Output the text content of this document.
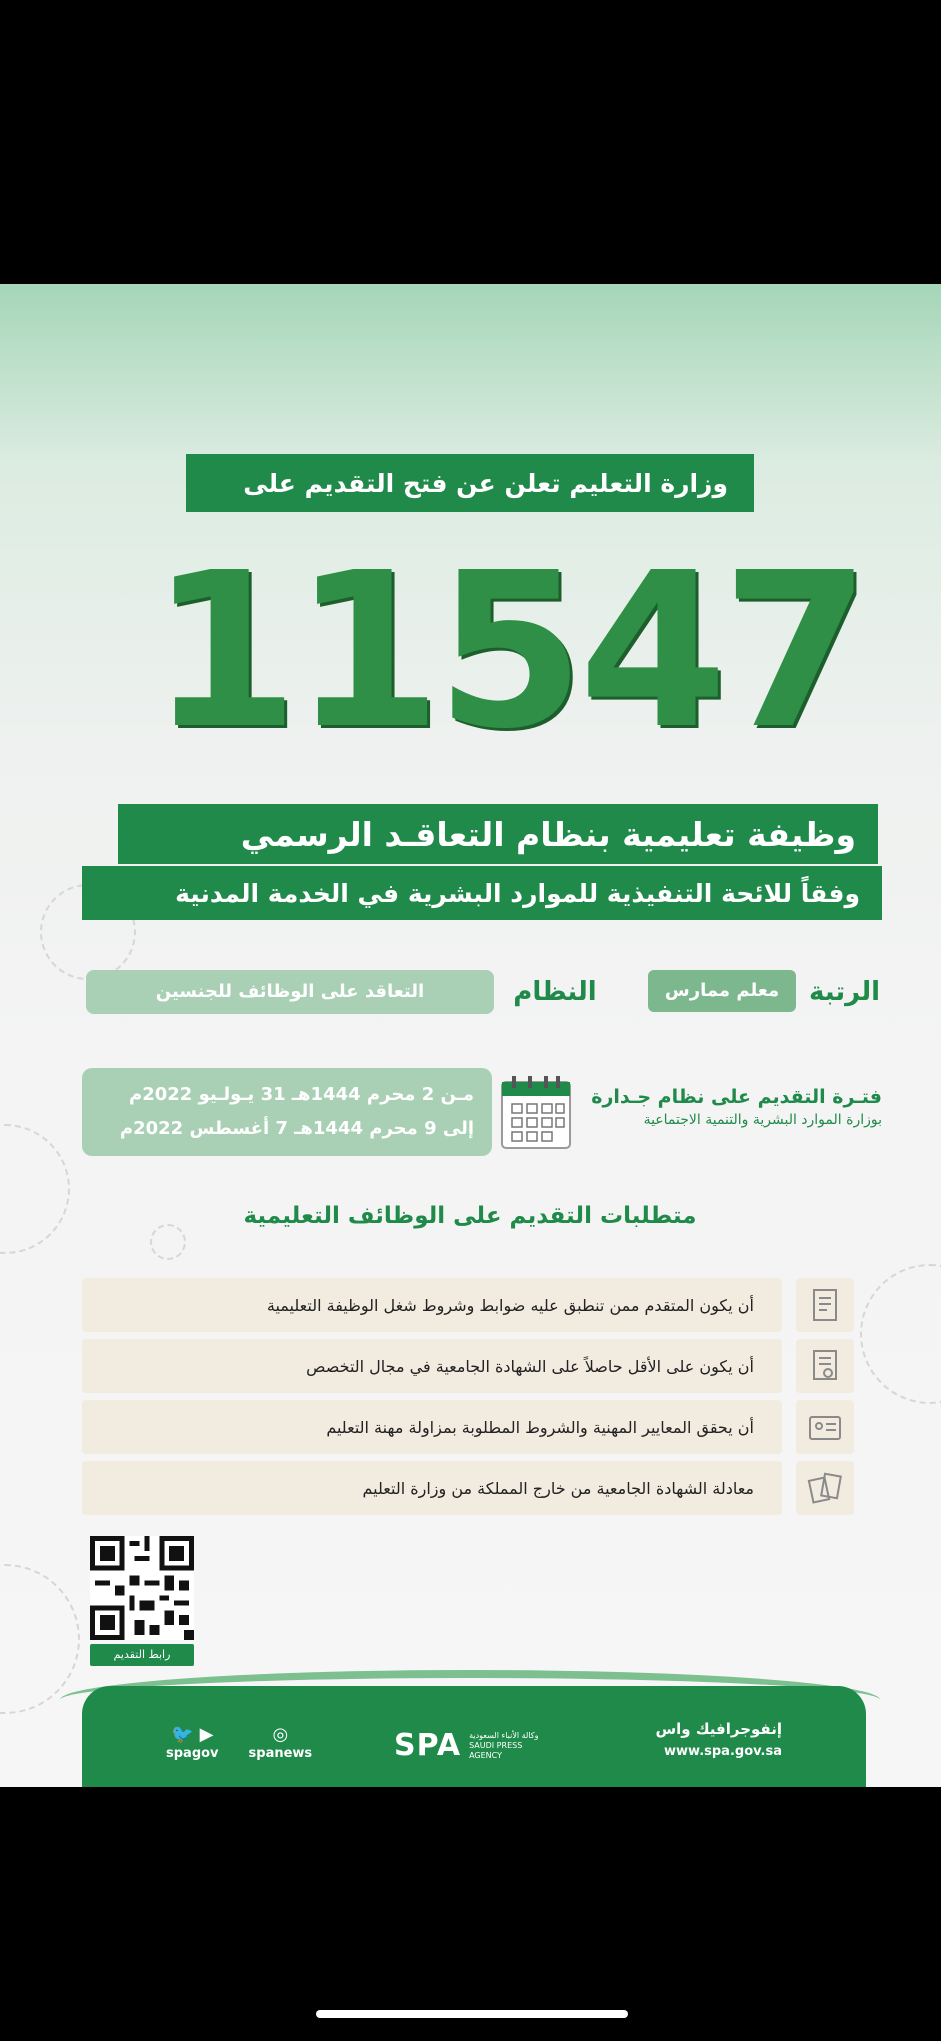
وزارة التعليم تعلن عن فتح التقديم على
11547
وظيفة تعليمية بنظام التعاقـد الرسمي
وفقاً للائحة التنفيذية للموارد البشرية في الخدمة المدنية
الرتبة
معلم ممارس
النظام
التعاقد على الوظائف للجنسين
فتـرة التقديم على نظام جـدارة
بوزارة الموارد البشرية والتنمية الاجتماعية
مـن 2 محرم 1444هـ 31 يـولـيو 2022م
إلى 9 محرم 1444هـ 7 أغسطس 2022م
متطلبات التقديم على الوظائف التعليمية
أن يكون المتقدم ممن تنطبق عليه ضوابط وشروط شغل الوظيفة التعليمية
أن يكون على الأقل حاصلاً على الشهادة الجامعية في مجال التخصص
أن يحقق المعايير المهنية والشروط المطلوبة بمزاولة مهنة التعليم
معادلة الشهادة الجامعية من خارج المملكة من وزارة التعليم
رابط التقديم
🐦 ▶
spagov
◎
spanews	SPA وكالة الأنباء السعودية
SAUDI PRESS AGENCY
إنفوجرافيك واس
www.spa.gov.sa
